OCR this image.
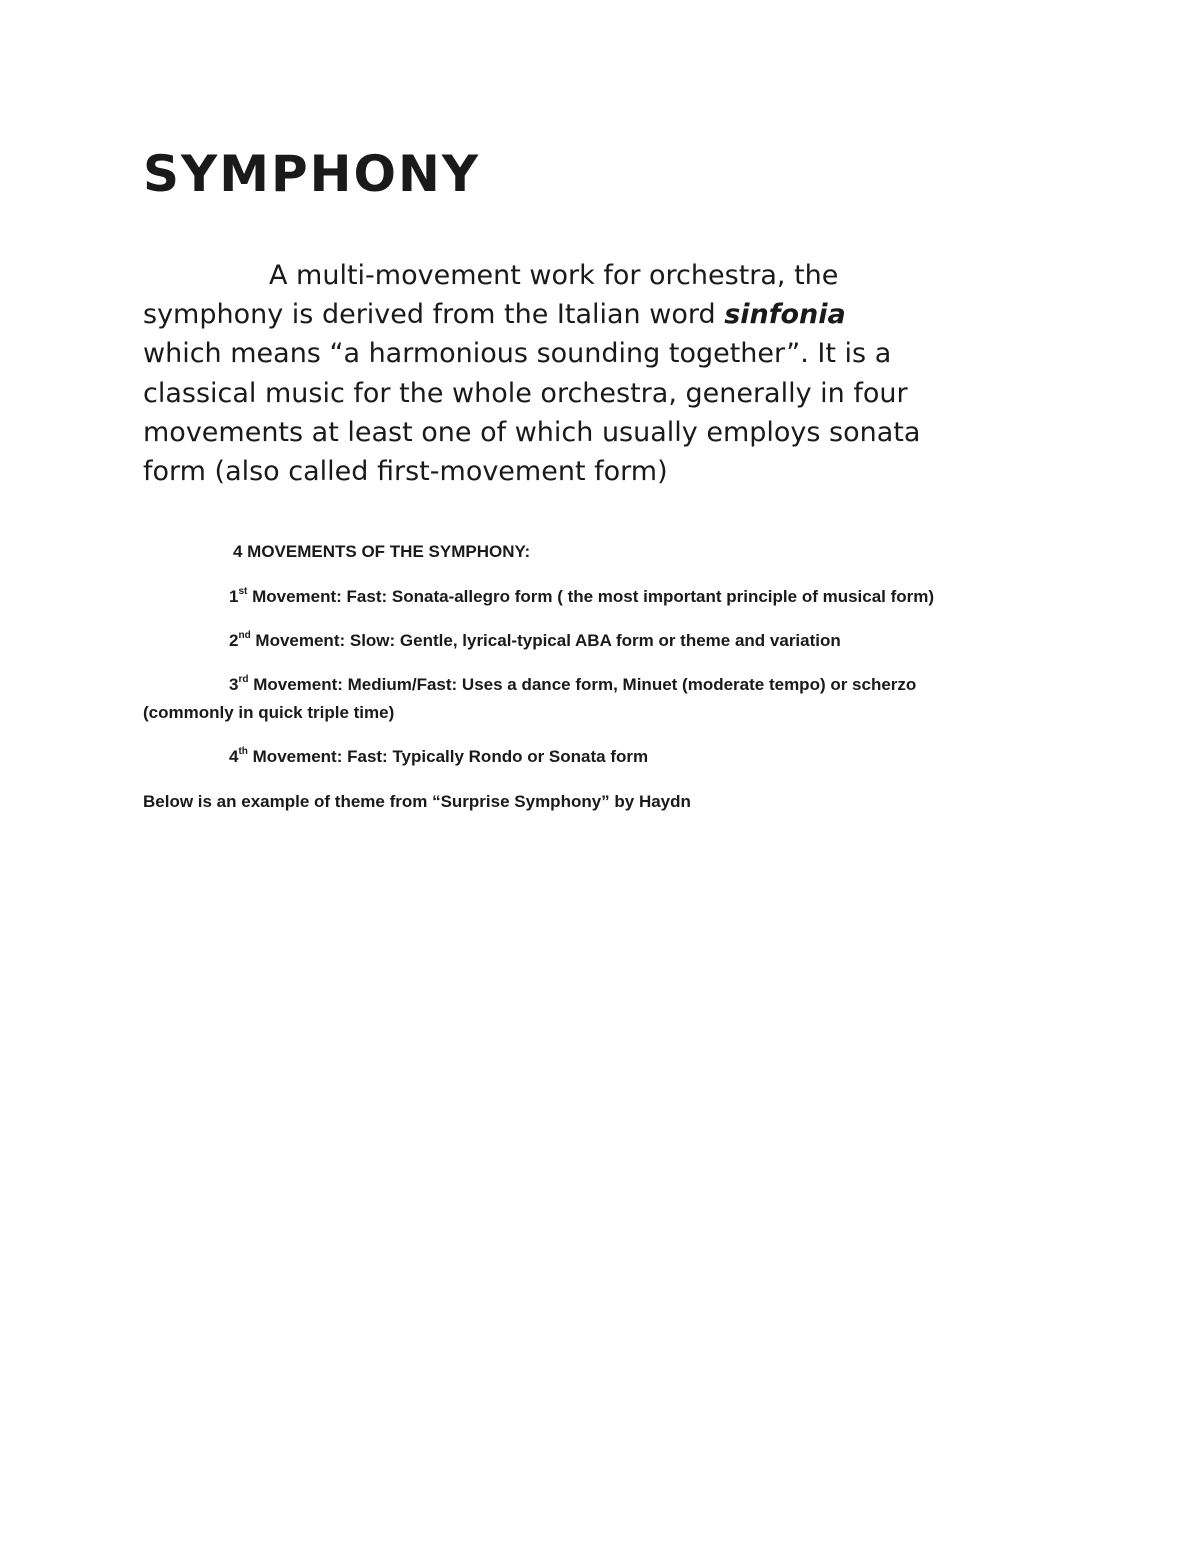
SYMPHONY

A multi-movement work for orchestra, the
symphony is derived from the Italian word sinfonia
which means “a harmonious sounding together”. It is a
classical music for the whole orchestra, generally in four
movements at least one of which usually employs sonata
form (also called first-movement form)

4 MOVEMENTS OF THE SYMPHONY:
1st Movement: Fast: Sonata-allegro form ( the most important principle of musical form)
2nd Movement: Slow: Gentle, lyrical-typical ABA form or theme and variation
3rd Movement: Medium/Fast: Uses a dance form, Minuet (moderate tempo) or scherzo
(commonly in quick triple time)
4th Movement: Fast: Typically Rondo or Sonata form
Below is an example of theme from “Surprise Symphony” by Haydn
